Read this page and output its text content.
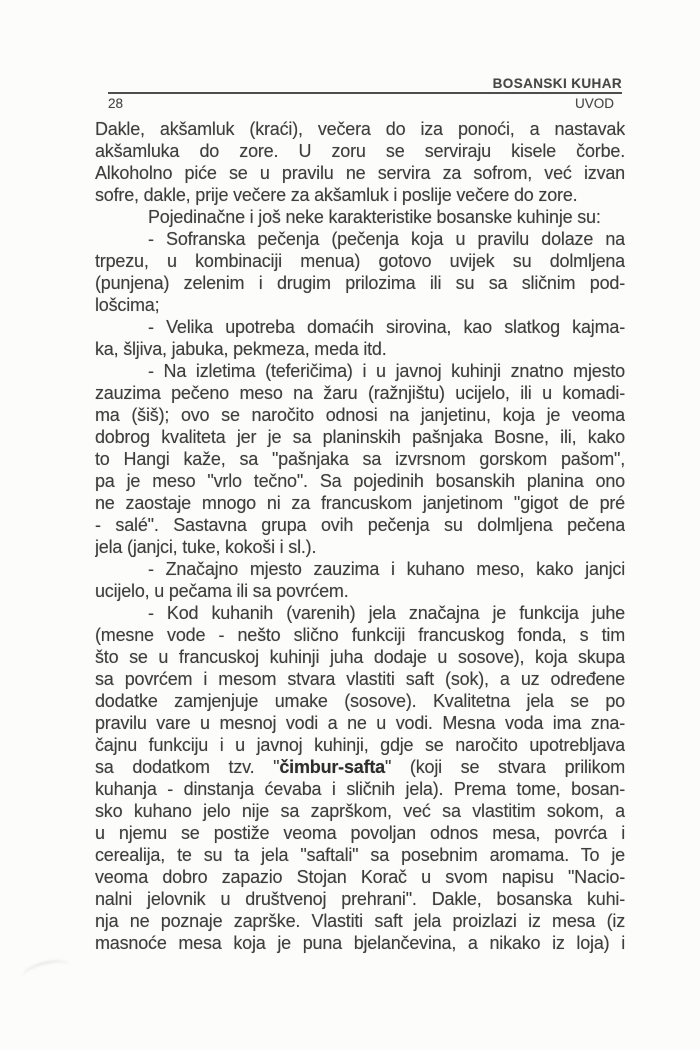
BOSANSKI KUHAR
28	UVOD
Dakle, akšamluk (kraći), večera do iza ponoći, a nastavak
akšamluka do zore. U zoru se serviraju kisele čorbe.
Alkoholno piće se u pravilu ne servira za sofrom, već izvan
sofre, dakle, prije večere za akšamluk i poslije večere do zore.
Pojedinačne i još neke karakteristike bosanske kuhinje su:
- Sofranska pečenja (pečenja koja u pravilu dolaze na
trpezu, u kombinaciji menua) gotovo uvijek su dolmljena
(punjena) zelenim i drugim prilozima ili su sa sličnim pod-
lošcima;
- Velika upotreba domaćih sirovina, kao slatkog kajma-
ka, šljiva, jabuka, pekmeza, meda itd.
- Na izletima (teferičima) i u javnoj kuhinji znatno mjesto
zauzima pečeno meso na žaru (ražnjištu) ucijelo, ili u komadi-
ma (šiš); ovo se naročito odnosi na janjetinu, koja je veoma
dobrog kvaliteta jer je sa planinskih pašnjaka Bosne, ili, kako
to Hangi kaže, sa "pašnjaka sa izvrsnom gorskom pašom",
pa je meso "vrlo tečno". Sa pojedinih bosanskih planina ono
ne zaostaje mnogo ni za francuskom janjetinom "gigot de pré
- salé". Sastavna grupa ovih pečenja su dolmljena pečena
jela (janjci, tuke, kokoši i sl.).
- Značajno mjesto zauzima i kuhano meso, kako janjci
ucijelo, u pečama ili sa povrćem.
- Kod kuhanih (varenih) jela značajna je funkcija juhe
(mesne vode - nešto slično funkciji francuskog fonda, s tim
što se u francuskoj kuhinji juha dodaje u sosove), koja skupa
sa povrćem i mesom stvara vlastiti saft (sok), a uz određene
dodatke zamjenjuje umake (sosove). Kvalitetna jela se po
pravilu vare u mesnoj vodi a ne u vodi. Mesna voda ima zna-
čajnu funkciju i u javnoj kuhinji, gdje se naročito upotrebljava
sa dodatkom tzv. "čimbur-safta" (koji se stvara prilikom
kuhanja - dinstanja ćevaba i sličnih jela). Prema tome, bosan-
sko kuhano jelo nije sa zaprškom, već sa vlastitim sokom, a
u njemu se postiže veoma povoljan odnos mesa, povrća i
cerealija, te su ta jela "saftali" sa posebnim aromama. To je
veoma dobro zapazio Stojan Korač u svom napisu "Nacio-
nalni jelovnik u društvenoj prehrani". Dakle, bosanska kuhi-
nja ne poznaje zaprške. Vlastiti saft jela proizlazi iz mesa (iz
masnoće mesa koja je puna bjelančevina, a nikako iz loja) i
